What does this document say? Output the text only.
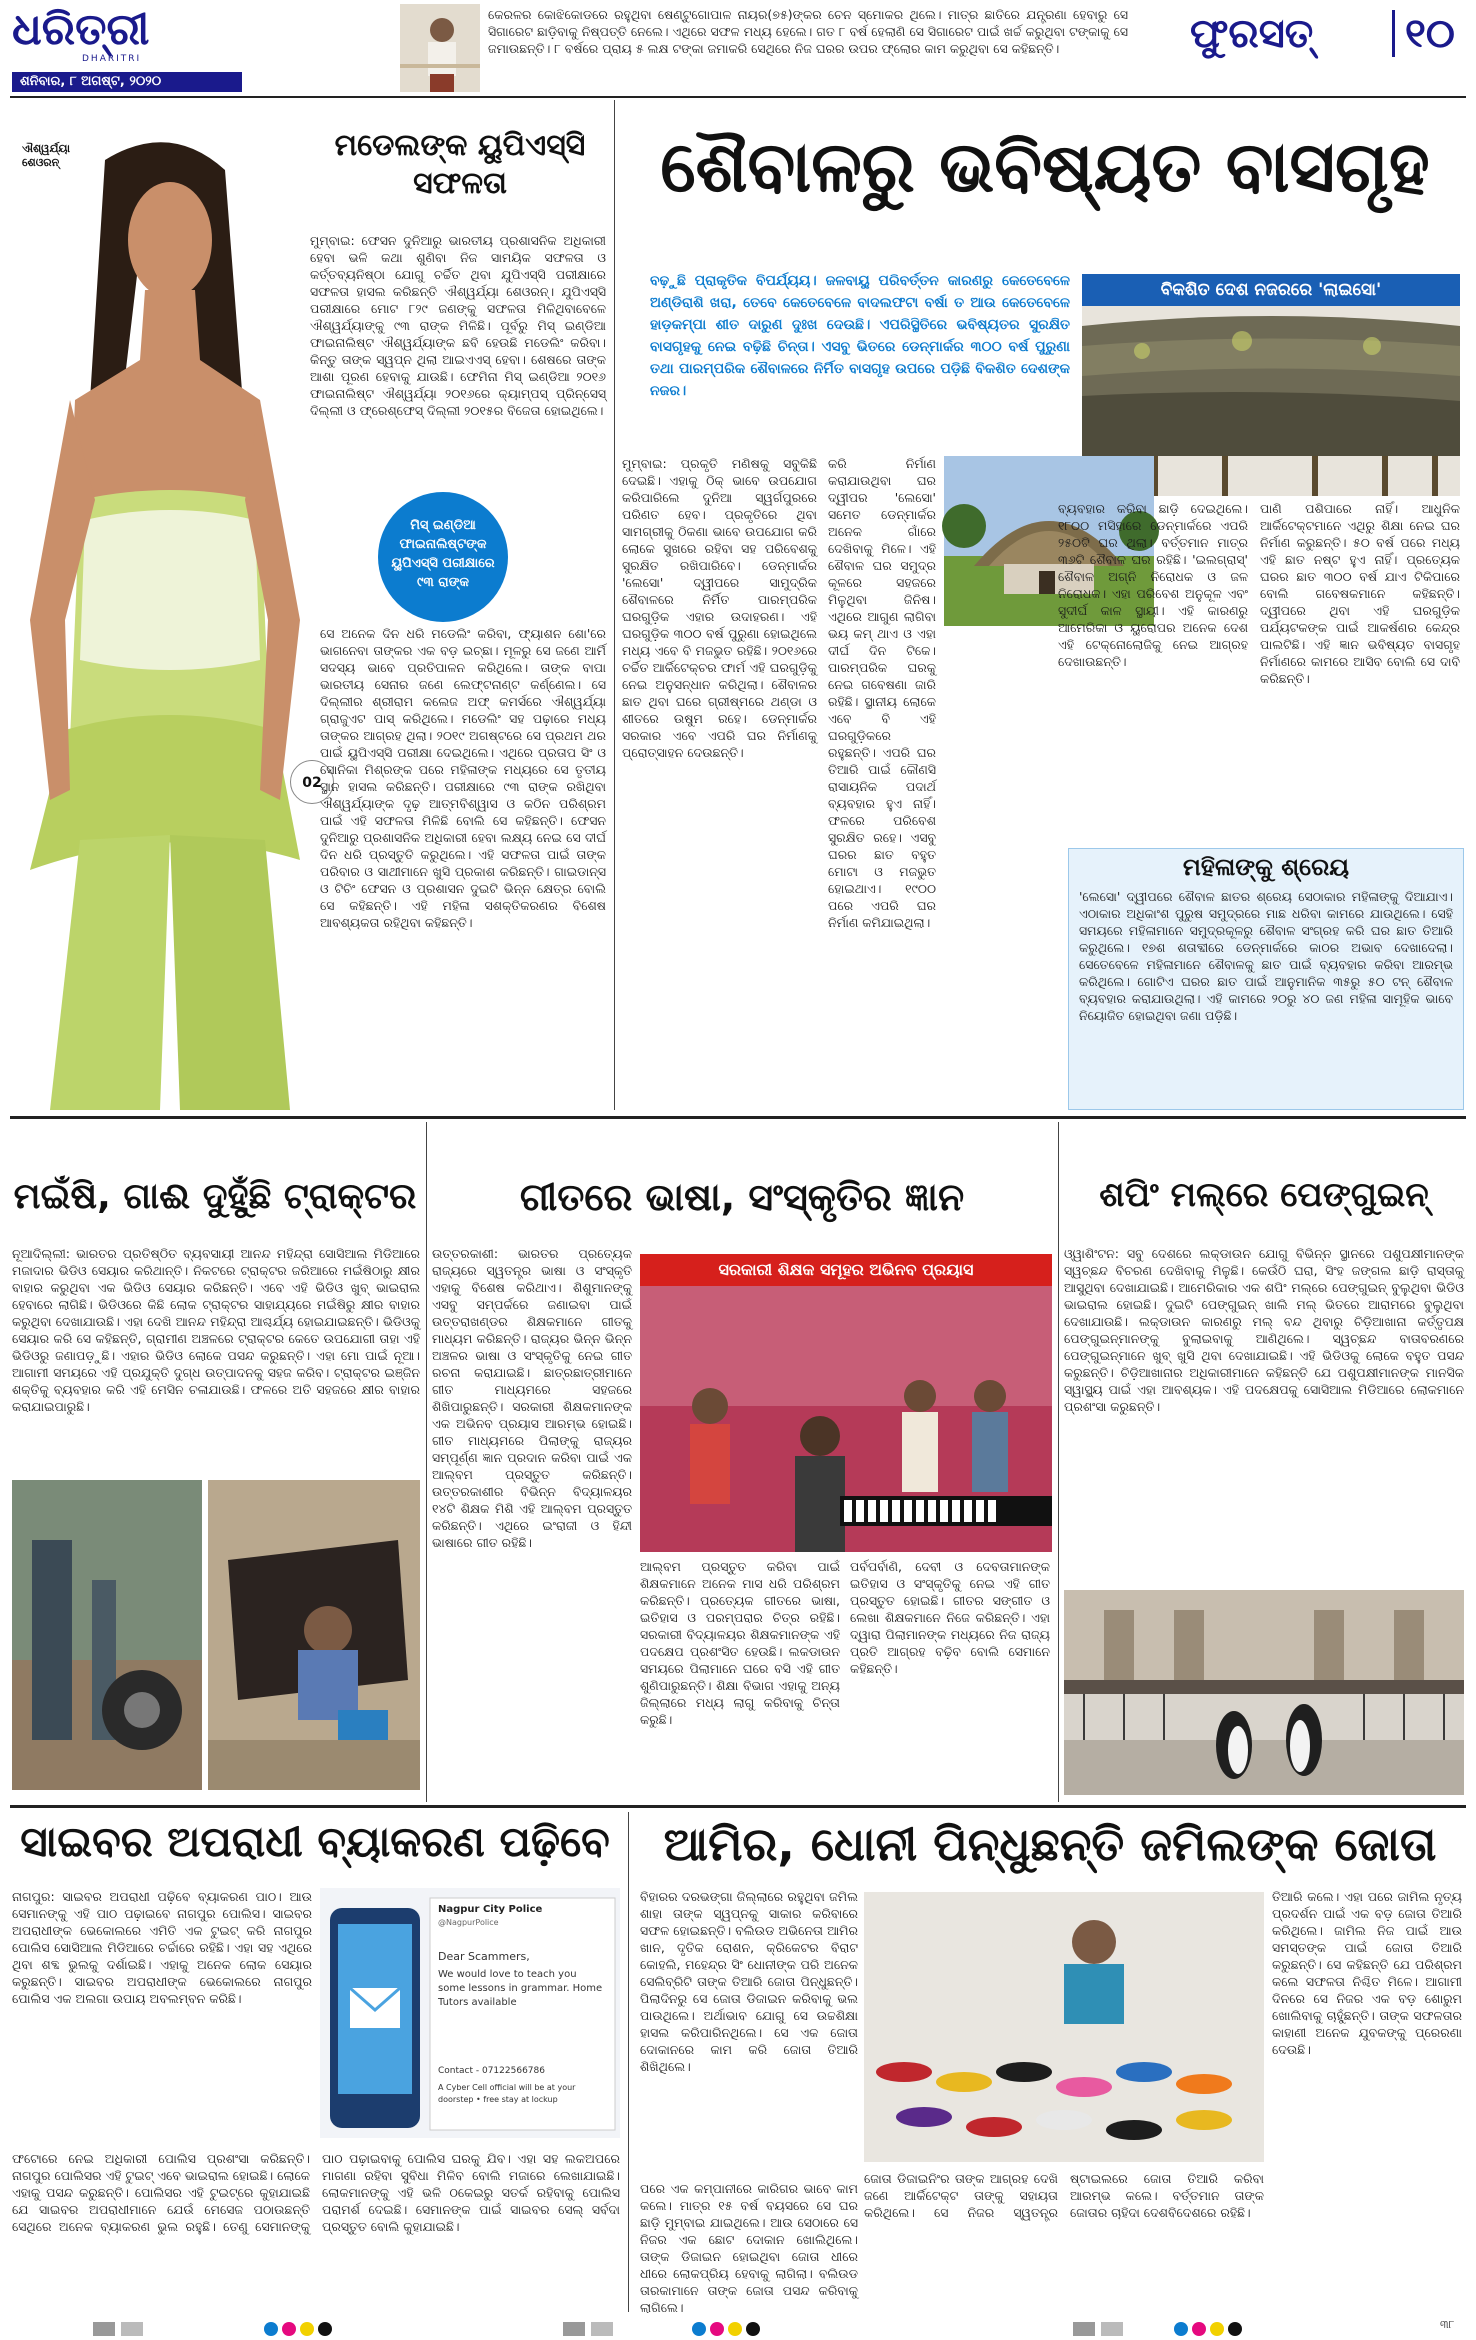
ଧରିତ୍ରୀ
DHARITRI
ଶନିବାର, ୮ ଅଗଷ୍ଟ, ୨୦୨୦
କେରଳର କୋଝିକୋଡରେ ରହୁଥିବା ଷେଣ୍ଟୁଗୋପାଳ ନାୟର(୭୫)ଙ୍କର ଚେନ ସ୍ମୋକର ଥିଲେ। ମାତ୍ର ଛାତିରେ ଯନ୍ତ୍ରଣା ହେବାରୁ ସେ ସିଗାରେଟ ଛାଡ଼ିବାକୁ ନିଷ୍ପତ୍ତି ନେଲେ। ଏଥିରେ ସଫଳ ମଧ୍ୟ ହେଲେ। ଗତ ୮ ବର୍ଷ ହେଲାଣି ସେ ସିଗାରେଟ ପାଇଁ ଖର୍ଚ୍ଚ କରୁଥିବା ଟଙ୍କାକୁ ସେ ଜମାଉଛନ୍ତି। ୮ ବର୍ଷରେ ପ୍ରାୟ ୫ ଲକ୍ଷ ଟଙ୍କା ଜମାକରି ସେଥିରେ ନିଜ ଘରର ଉପର ଫ୍ଲୋର କାମ କରୁଥିବା ସେ କହିଛନ୍ତି।	ଫୁରସତ୍	୧୦
02
ଐଶ୍ୱର୍ଯ୍ୟା ଶେଓରନ୍	ମଡେଲଙ୍କ ୟୁପିଏସ୍‌ସି
ସଫଳତା
ମୁମ୍ବାଇ: ଫେସନ ଦୁନିଆରୁ ଭାରତୀୟ ପ୍ରଶାସନିକ ଅଧିକାରୀ ହେବା ଭଳି କଥା ଶୁଣିବା ନିଜ ସାମୟିକ ସଫଳତା ଓ କର୍ତ୍ତବ୍ୟନିଷ୍ଠା ଯୋଗୁ ଚର୍ଚ୍ଚିତ ଥିବା ଯୁପିଏସ୍‌ସି ପରୀକ୍ଷାରେ ସଫଳତା ହାସଲ କରିଛନ୍ତି ଐଶ୍ୱର୍ଯ୍ୟା ଶେଓରନ୍। ଯୁପିଏସ୍‌ସି ପରୀକ୍ଷାରେ ମୋଟ ୮୨୯ ଜଣଙ୍କୁ ସଫଳତା ମିଳିଥିବାବେଳେ ଐଶ୍ୱର୍ଯ୍ୟାଙ୍କୁ ୯୩ ରାଙ୍କ ମିଳିଛି। ପୂର୍ବରୁ ମିସ୍ ଇଣ୍ଡିଆ ଫାଇନାଲିଷ୍ଟ ଐଶ୍ୱର୍ଯ୍ୟାଙ୍କ ଛବି ହେଉଛି ମଡେଲିଂ କରିବା। କିନ୍ତୁ ତାଙ୍କ ସ୍ୱପ୍ନ ଥିଲା ଆଇଏଏସ୍ ହେବା। ଶେଷରେ ତାଙ୍କ ଆଶା ପୂରଣ ହେବାକୁ ଯାଉଛି। ଫେମିନା ମିସ୍ ଇଣ୍ଡିଆ ୨୦୧୬ ଫାଇନାଲିଷ୍ଟ ଐଶ୍ୱର୍ଯ୍ୟା ୨୦୧୬ରେ କ୍ୟାମ୍ପସ୍ ପ୍ରିନ୍ସେସ୍ ଦିଲ୍ଲୀ ଓ ଫ୍ରେଶ୍‌ଫେସ୍ ଦିଲ୍ଲୀ ୨୦୧୫ର ବିଜେତା ହୋଇଥିଲେ।
ମିସ୍ ଇଣ୍ଡିଆ ଫାଇନାଲିଷ୍ଟଙ୍କ ୟୁପିଏସ୍‌ସି ପରୀକ୍ଷାରେ ୯୩ ରାଙ୍କ
ସେ ଅନେକ ଦିନ ଧରି ମଡେଲିଂ କରିବା, ଫ୍ୟାଶନ ଶୋ'ରେ ଭାଗନେବା ତାଙ୍କର ଏକ ବଡ଼ ଇଚ୍ଛା। ମୂଳରୁ ସେ ଜଣେ ଆର୍ମି ସଦସ୍ୟ ଭାବେ ପ୍ରତିପାଳନ କରିଥିଲେ। ତାଙ୍କ ବାପା ଭାରତୀୟ ସେନାର ଜଣେ ଲେଫ୍ଟନାଣ୍ଟ କର୍ଣ୍ଣେଲ। ସେ ଦିଲ୍ଲୀର ଶ୍ରୀରାମ କଲେଜ ଅଫ୍ କମର୍ସରେ ଐଶ୍ୱର୍ଯ୍ୟା ଗ୍ରାଜୁଏଟ ପାସ୍ କରିଥିଲେ। ମଡେଲିଂ ସହ ପଢ଼ାରେ ମଧ୍ୟ ତାଙ୍କର ଆଗ୍ରହ ଥିଲା। ୨୦୧୯ ଅଗଷ୍ଟରେ ସେ ପ୍ରଥମ ଥର ପାଇଁ ୟୁପିଏସ୍‌ସି ପରୀକ୍ଷା ଦେଇଥିଲେ। ଏଥିରେ ପ୍ରତାପ ସିଂ ଓ ସୋନିକା ମିଶ୍ରଙ୍କ ପରେ ମହିଳାଙ୍କ ମଧ୍ୟରେ ସେ ତୃତୀୟ ସ୍ଥାନ ହାସଲ କରିଛନ୍ତି। ପରୀକ୍ଷାରେ ୯୩ ରାଙ୍କ ରଖିଥିବା ଐଶ୍ୱର୍ଯ୍ୟାଙ୍କ ଦୃଢ଼ ଆତ୍ମବିଶ୍ୱାସ ଓ କଠିନ ପରିଶ୍ରମ ପାଇଁ ଏହି ସଫଳତା ମିଳିଛି ବୋଲି ସେ କହିଛନ୍ତି। ଫେସନ ଦୁନିଆରୁ ପ୍ରଶାସନିକ ଅଧିକାରୀ ହେବା ଲକ୍ଷ୍ୟ ନେଇ ସେ ଦୀର୍ଘ ଦିନ ଧରି ପ୍ରସ୍ତୁତି କରୁଥିଲେ। ଏହି ସଫଳତା ପାଇଁ ତାଙ୍କ ପରିବାର ଓ ସାଥୀମାନେ ଖୁସି ପ୍ରକାଶ କରିଛନ୍ତି। ଗାଇଡାନ୍ସ ଓ ଟିଚିଂ ଫେସନ ଓ ପ୍ରଶାସନ ଦୁଇଟି ଭିନ୍ନ କ୍ଷେତ୍ର ବୋଲି ସେ କହିଛନ୍ତି। ଏହି ମହିଳା ସଶକ୍ତିକରଣର ବିଶେଷ ଆବଶ୍ୟକତା ରହିଥିବା କହିଛନ୍ତି।
ଶୈବାଳରୁ ଭବିଷ୍ୟତ ବାସଗୃହ
ବଢ଼ୁଛି ପ୍ରାକୃତିକ ବିପର୍ଯ୍ୟୟ। ଜଳବାୟୁ ପରିବର୍ତ୍ତନ କାରଣରୁ କେତେବେଳେ ଅଣ୍ଡିରାଶି ଖରା, ତେବେ କେତେବେଳେ ବାଦଲଫଟା ବର୍ଷା ତ ଆଉ କେତେବେଳେ ହାଡ଼କମ୍ପା ଶୀତ ଦାରୁଣ ଦୁଃଖ ଦେଉଛି। ଏପରିସ୍ଥିତିରେ ଭବିଷ୍ୟତର ସୁରକ୍ଷିତ ବାସଗୃହକୁ ନେଇ ବଢ଼ିଛି ଚିନ୍ତା। ଏସବୁ ଭିତରେ ଡେନ୍‌ମାର୍କର ୩୦୦ ବର୍ଷ ପୁରୁଣା ତଥା ପାରମ୍ପରିକ ଶୈବାଳରେ ନିର୍ମିତ ବାସଗୃହ ଉପରେ ପଡ଼ିଛି ବିକଶିତ ଦେଶଙ୍କ ନଜର।
ବିକଶିତ ଦେଶ ନଜରରେ 'ଲାଇସୋ'
ମୁମ୍ବାଇ: ପ୍ରକୃତି ମଣିଷକୁ ସବୁକିଛି ଦେଇଛି। ଏହାକୁ ଠିକ୍ ଭାବେ ଉପଯୋଗ କରିପାରିଲେ ଦୁନିଆ ସ୍ୱର୍ଗପୁରରେ ପରିଣତ ହେବ। ପ୍ରକୃତିରେ ଥିବା ସାମଗ୍ରୀକୁ ଠିକଣା ଭାବେ ଉପଯୋଗ କରି ଲୋକେ ସୁଖରେ ରହିବା ସହ ପରିବେଶକୁ ସୁରକ୍ଷିତ ରଖିପାରିବେ। ଡେନ୍‌ମାର୍କର 'ଲେସୋ' ଦ୍ୱୀପରେ ସାମୁଦ୍ରିକ ଶୈବାଳରେ ନିର୍ମିତ ପାରମ୍ପରିକ ଘରଗୁଡ଼ିକ ଏହାର ଉଦାହରଣ। ଏହି ଘରଗୁଡ଼ିକ ୩୦୦ ବର୍ଷ ପୁରୁଣା ହୋଇଥିଲେ ମଧ୍ୟ ଏବେ ବି ମଜଭୁତ ରହିଛି। ୨୦୧୬ରେ ଚର୍ଚ୍ଚିତ ଆର୍କିଟେକ୍ଚର ଫାର୍ମ ଏହି ଘରଗୁଡ଼ିକୁ ନେଇ ଅନୁସନ୍ଧାନ କରିଥିଲା। ଶୈବାଳର ଛାତ ଥିବା ଘରେ ଗ୍ରୀଷ୍ମରେ ଥଣ୍ଡା ଓ ଶୀତରେ ଉଷୁମ ରହେ। ଡେନ୍‌ମାର୍କର ସରକାର ଏବେ ଏପରି ଘର ନିର୍ମାଣକୁ ପ୍ରୋତ୍ସାହନ ଦେଉଛନ୍ତି।
କରି ନିର୍ମାଣ କରାଯାଉଥିବା ଘର ଦ୍ୱୀପର 'ଲେସୋ' ସମେତ ଡେନ୍‌ମାର୍କର ଅନେକ ଗାଁରେ ଦେଖିବାକୁ ମିଳେ। ଏହି ଶୈବାଳ ଘର ସମୁଦ୍ର କୂଳରେ ସହଜରେ ମିଳୁଥିବା ଜିନିଷ। ଏଥିରେ ଆଗୁଣ ଲାଗିବା ଭୟ କମ୍ ଥାଏ ଓ ଏହା ଦୀର୍ଘ ଦିନ ଟିକେ। ପାରମ୍ପରିକ ଘରକୁ ନେଇ ଗବେଷଣା ଜାରି ରହିଛି। ସ୍ଥାନୀୟ ଲୋକେ ଏବେ ବି ଏହି ଘରଗୁଡ଼ିକରେ ରହୁଛନ୍ତି। ଏପରି ଘର ତିଆରି ପାଇଁ କୌଣସି ରାସାୟନିକ ପଦାର୍ଥ ବ୍ୟବହାର ହୁଏ ନାହିଁ। ଫଳରେ ପରିବେଶ ସୁରକ୍ଷିତ ରହେ। ଏସବୁ ଘରର ଛାତ ବହୁତ ମୋଟା ଓ ମଜଭୁତ ହୋଇଥାଏ। ୧୯୦୦ ପରେ ଏପରି ଘର ନିର୍ମାଣ କମିଯାଇଥିଲା।
ବ୍ୟବହାର କରିବା ଛାଡ଼ି ଦେଇଥିଲେ। ୧୮୦୦ ମସିହାରେ ଡେନ୍‌ମାର୍କରେ ଏପରି ୨୫୦ଟି ଘର ଥିଲା। ବର୍ତ୍ତମାନ ମାତ୍ର ୩୬ଟି ଶୈବାଳ ଘର ରହିଛି। 'ଇଲଗ୍ରାସ୍' ଶୈବାଳ ଅଗ୍ନି ନିରୋଧକ ଓ ଜଳ ନିରୋଧକ। ଏହା ପରିବେଶ ଅନୁକୂଳ ଏବଂ ସୁଦୀର୍ଘ କାଳ ସ୍ଥାୟୀ। ଏହି କାରଣରୁ ଆମେରିକା ଓ ୟୁରୋପର ଅନେକ ଦେଶ ଏହି ଟେକ୍‌ନୋଲୋଜିକୁ ନେଇ ଆଗ୍ରହ ଦେଖାଉଛନ୍ତି।
ପାଣି ପଶିପାରେ ନାହିଁ। ଆଧୁନିକ ଆର୍କିଟେକ୍ଟମାନେ ଏଥିରୁ ଶିକ୍ଷା ନେଇ ଘର ନିର୍ମାଣ କରୁଛନ୍ତି। ୫୦ ବର୍ଷ ପରେ ମଧ୍ୟ ଏହି ଛାତ ନଷ୍ଟ ହୁଏ ନାହିଁ। ପ୍ରତ୍ୟେକ ଘରର ଛାତ ୩୦୦ ବର୍ଷ ଯାଏ ଟିକିପାରେ ବୋଲି ଗବେଷକମାନେ କହିଛନ୍ତି। ଦ୍ୱୀପରେ ଥିବା ଏହି ଘରଗୁଡ଼ିକ ପର୍ଯ୍ୟଟକଙ୍କ ପାଇଁ ଆକର୍ଷଣର କେନ୍ଦ୍ର ପାଲଟିଛି। ଏହି ଜ୍ଞାନ ଭବିଷ୍ୟତ ବାସଗୃହ ନିର୍ମାଣରେ କାମରେ ଆସିବ ବୋଲି ସେ ଦାବି କରିଛନ୍ତି।
ମହିଳାଙ୍କୁ ଶ୍ରେୟ
'ଲେସୋ' ଦ୍ୱୀପରେ ଶୈବାଳ ଛାତର ଶ୍ରେୟ ସେଠାକାର ମହିଳାଙ୍କୁ ଦିଆଯାଏ। ଏଠାକାର ଅଧିକାଂଶ ପୁରୁଷ ସମୁଦ୍ରରେ ମାଛ ଧରିବା କାମରେ ଯାଉଥିଲେ। ସେହି ସମୟରେ ମହିଳାମାନେ ସମୁଦ୍ରକୂଳରୁ ଶୈବାଳ ସଂଗ୍ରହ କରି ଘର ଛାତ ତିଆରି କରୁଥିଲେ। ୧୭ଶ ଶତାବ୍ଦୀରେ ଡେନ୍‌ମାର୍କରେ କାଠର ଅଭାବ ଦେଖାଦେଲା। ସେତେବେଳେ ମହିଳାମାନେ ଶୈବାଳକୁ ଛାତ ପାଇଁ ବ୍ୟବହାର କରିବା ଆରମ୍ଭ କରିଥିଲେ। ଗୋଟିଏ ଘରର ଛାତ ପାଇଁ ଆନୁମାନିକ ୩୫ରୁ ୫୦ ଟନ୍ ଶୈବାଳ ବ୍ୟବହାର କରାଯାଉଥିଲା। ଏହି କାମରେ ୨୦ରୁ ୪୦ ଜଣ ମହିଳା ସାମୂହିକ ଭାବେ ନିୟୋଜିତ ହୋଇଥିବା ଜଣା ପଡ଼ିଛି।
ମଇଁଷି, ଗାଈ ଦୁହୁଁଛି ଟ୍ରାକ୍ଟର
ନୂଆଦିଲ୍ଲୀ: ଭାରତର ପ୍ରତିଷ୍ଠିତ ବ୍ୟବସାୟୀ ଆନନ୍ଦ ମହିନ୍ଦ୍ରା ସୋସିଆଲ ମିଡିଆରେ ମଜାଦାର ଭିଡିଓ ସେୟାର କରିଥାନ୍ତି। ନିକଟରେ ଟ୍ରାକ୍ଟର ଜରିଆରେ ମଇଁଷିଠାରୁ କ୍ଷୀର ବାହାର କରୁଥିବା ଏକ ଭିଡିଓ ସେୟାର କରିଛନ୍ତି। ଏବେ ଏହି ଭିଡିଓ ଖୁବ୍ ଭାଇରାଲ ହେବାରେ ଲାଗିଛି। ଭିଡିଓରେ କିଛି ଲୋକ ଟ୍ରାକ୍ଟର ସାହାଯ୍ୟରେ ମଇଁଷିରୁ କ୍ଷୀର ବାହାର କରୁଥିବା ଦେଖାଯାଉଛି। ଏହା ଦେଖି ଆନନ୍ଦ ମହିନ୍ଦ୍ରା ଆଶ୍ଚର୍ଯ୍ୟ ହୋଇଯାଇଛନ୍ତି। ଭିଡିଓକୁ ସେୟାର କରି ସେ କହିଛନ୍ତି, ଗ୍ରାମୀଣ ଅଞ୍ଚଳରେ ଟ୍ରାକ୍ଟର କେତେ ଉପଯୋଗୀ ତାହା ଏହି ଭିଡିଓରୁ ଜଣାପଡ଼ୁଛି। ଏହାର ଭିଡିଓ ଲୋକେ ପସନ୍ଦ କରୁଛନ୍ତି। ଏହା ମୋ ପାଇଁ ନୂଆ। ଆଗାମୀ ସମୟରେ ଏହି ପ୍ରଯୁକ୍ତି ଦୁଗ୍ଧ ଉତ୍ପାଦନକୁ ସହଜ କରିବ। ଟ୍ରାକ୍ଟର ଇଞ୍ଜିନ ଶକ୍ତିକୁ ବ୍ୟବହାର କରି ଏହି ମେସିନ ଚଳାଯାଉଛି। ଫଳରେ ଅତି ସହଜରେ କ୍ଷୀର ବାହାର କରାଯାଇପାରୁଛି।
ଗୀତରେ ଭାଷା, ସଂସ୍କୃତିର ଜ୍ଞାନ
ଉତ୍ତରକାଶୀ: ଭାରତର ପ୍ରତ୍ୟେକ ରାଜ୍ୟରେ ସ୍ୱତନ୍ତ୍ର ଭାଷା ଓ ସଂସ୍କୃତି ଏହାକୁ ବିଶେଷ କରିଥାଏ। ଶିଶୁମାନଙ୍କୁ ଏସବୁ ସମ୍ପର୍କରେ ଜଣାଇବା ପାଇଁ ଉତ୍ତରାଖଣ୍ଡର ଶିକ୍ଷକମାନେ ଗୀତକୁ ମାଧ୍ୟମ କରିଛନ୍ତି। ରାଜ୍ୟର ଭିନ୍ନ ଭିନ୍ନ ଅଞ୍ଚଳର ଭାଷା ଓ ସଂସ୍କୃତିକୁ ନେଇ ଗୀତ ରଚନା କରାଯାଇଛି। ଛାତ୍ରଛାତ୍ରୀମାନେ ଗୀତ ମାଧ୍ୟମରେ ସହଜରେ ଶିଖିପାରୁଛନ୍ତି। ସରକାରୀ ଶିକ୍ଷକମାନଙ୍କ ଏକ ଅଭିନବ ପ୍ରୟାସ ଆରମ୍ଭ ହୋଇଛି। ଗୀତ ମାଧ୍ୟମରେ ପିଲାଙ୍କୁ ରାଜ୍ୟର ସମ୍ପୂର୍ଣ୍ଣ ଜ୍ଞାନ ପ୍ରଦାନ କରିବା ପାଇଁ ଏକ ଆଲ୍‌ବମ ପ୍ରସ୍ତୁତ କରିଛନ୍ତି। ଉତ୍ତରକାଶୀର ବିଭିନ୍ନ ବିଦ୍ୟାଳୟର ୧୪ଟି ଶିକ୍ଷକ ମିଶି ଏହି ଆଲ୍‌ବମ ପ୍ରସ୍ତୁତ କରିଛନ୍ତି। ଏଥିରେ ଇଂରାଜୀ ଓ ହିନ୍ଦୀ ଭାଷାରେ ଗୀତ ରହିଛି।
ସରକାରୀ ଶିକ୍ଷକ ସମୂହର ଅଭିନବ ପ୍ରୟାସ
ଆଲ୍‌ବମ ପ୍ରସ୍ତୁତ କରିବା ପାଇଁ ଶିକ୍ଷକମାନେ ଅନେକ ମାସ ଧରି ପରିଶ୍ରମ କରିଛନ୍ତି। ପ୍ରତ୍ୟେକ ଗୀତରେ ଭାଷା, ଇତିହାସ ଓ ପରମ୍ପରାର ଚିତ୍ର ରହିଛି। ସରକାରୀ ବିଦ୍ୟାଳୟର ଶିକ୍ଷକମାନଙ୍କ ଏହି ପଦକ୍ଷେପ ପ୍ରଶଂସିତ ହେଉଛି। ଲକଡାଉନ ସମୟରେ ପିଲାମାନେ ଘରେ ବସି ଏହି ଗୀତ ଶୁଣିପାରୁଛନ୍ତି। ଶିକ୍ଷା ବିଭାଗ ଏହାକୁ ଅନ୍ୟ ଜିଲ୍ଲାରେ ମଧ୍ୟ ଲାଗୁ କରିବାକୁ ଚିନ୍ତା କରୁଛି।
ପର୍ବପର୍ବାଣି, ଦେବୀ ଓ ଦେବତାମାନଙ୍କ ଇତିହାସ ଓ ସଂସ୍କୃତିକୁ ନେଇ ଏହି ଗୀତ ପ୍ରସ୍ତୁତ ହୋଇଛି। ଗୀତର ସଙ୍ଗୀତ ଓ ଲେଖା ଶିକ୍ଷକମାନେ ନିଜେ କରିଛନ୍ତି। ଏହା ଦ୍ୱାରା ପିଲାମାନଙ୍କ ମଧ୍ୟରେ ନିଜ ରାଜ୍ୟ ପ୍ରତି ଆଗ୍ରହ ବଢ଼ିବ ବୋଲି ସେମାନେ କହିଛନ୍ତି।
ଶପିଂ ମଲ୍‌ରେ ପେଙ୍ଗୁଇନ୍
ଓ୍ୱାଶିଂଟନ: ସବୁ ଦେଶରେ ଲକ୍‌ଡାଉନ ଯୋଗୁ ବିଭିନ୍ନ ସ୍ଥାନରେ ପଶୁପକ୍ଷୀମାନଙ୍କ ସ୍ୱଚ୍ଛନ୍ଦ ବିଚରଣ ଦେଖିବାକୁ ମିଳୁଛି। କେଉଁଠି ଘରା, ସିଂହ ଜଙ୍ଗଲ ଛାଡ଼ି ରାସ୍ତାକୁ ଆସୁଥିବା ଦେଖାଯାଇଛି। ଆମେରିକାର ଏକ ଶପିଂ ମଲ୍‌ରେ ପେଙ୍ଗୁଇନ୍ ବୁଲୁଥିବା ଭିଡିଓ ଭାଇରାଲ ହୋଇଛି। ଦୁଇଟି ପେଙ୍ଗୁଇନ୍ ଖାଲି ମଲ୍ ଭିତରେ ଆରାମରେ ବୁଲୁଥିବା ଦେଖାଯାଉଛି। ଲକ୍‌ଡାଉନ କାରଣରୁ ମଲ୍ ବନ୍ଦ ଥିବାରୁ ଚିଡ଼ିଆଖାନା କର୍ତ୍ତୃପକ୍ଷ ପେଙ୍ଗୁଇନ୍‌ମାନଙ୍କୁ ବୁଲାଇବାକୁ ଆଣିଥିଲେ। ସ୍ୱଚ୍ଛନ୍ଦ ବାତାବରଣରେ ପେଙ୍ଗୁଇନ୍‌ମାନେ ଖୁବ୍ ଖୁସି ଥିବା ଦେଖାଯାଇଛି। ଏହି ଭିଡିଓକୁ ଲୋକେ ବହୁତ ପସନ୍ଦ କରୁଛନ୍ତି। ଚିଡ଼ିଆଖାନାର ଅଧିକାରୀମାନେ କହିଛନ୍ତି ଯେ ପଶୁପକ୍ଷୀମାନଙ୍କ ମାନସିକ ସ୍ୱାସ୍ଥ୍ୟ ପାଇଁ ଏହା ଆବଶ୍ୟକ। ଏହି ପଦକ୍ଷେପକୁ ସୋସିଆଲ ମିଡିଆରେ ଲୋକମାନେ ପ୍ରଶଂସା କରୁଛନ୍ତି।
ସାଇବର ଅପରାଧୀ ବ୍ୟାକରଣ ପଢ଼ିବେ
ନାଗପୁର: ସାଇବର ଅପରାଧୀ ପଢ଼ିବେ ବ୍ୟାକରଣ ପାଠ। ଆଉ ସେମାନଙ୍କୁ ଏହି ପାଠ ପଢ଼ାଇବେ ନାଗପୁର ପୋଲିସ। ସାଇବର ଅପରାଧୀଙ୍କ ଭେକୋଲରେ ଏମିତି ଏକ ଟୁଇଟ୍ କରି ନାଗପୁର ପୋଲିସ ସୋସିଆଲ ମିଡିଆରେ ଚର୍ଚ୍ଚାରେ ରହିଛି। ଏହା ସହ ଏଥିରେ ଥିବା ଶବ୍ଦ ଭୁଲକୁ ଦର୍ଶାଇଛି। ଏହାକୁ ଅନେକ ଲୋକ ସେୟାର କରୁଛନ୍ତି। ସାଇବର ଅପରାଧୀଙ୍କ ଭେକୋଲରେ ନାଗପୁର ପୋଲିସ ଏକ ଅଲଗା ଉପାୟ ଅବଲମ୍ବନ କରିଛି।
Nagpur City Police
@NagpurPolice
Dear Scammers,
We would love to teach you some lessons in grammar. Home Tutors available
Contact - 07122566786
A Cyber Cell official will be at your doorstep • free stay at lockup
ଫଟୋରେ ନେଇ ଅଧିକାରୀ ପୋଲିସ ପ୍ରଶଂସା କରିଛନ୍ତି। ନାଗପୁର ପୋଲିସର ଏହି ଟୁଇଟ୍ ଏବେ ଭାଇରାଲ ହୋଇଛି। ଲୋକେ ଏହାକୁ ପସନ୍ଦ କରୁଛନ୍ତି। ପୋଲିସର ଏହି ଟୁଇଟ୍‌ରେ କୁହାଯାଇଛି ଯେ ସାଇବର ଅପରାଧୀମାନେ ଯେଉଁ ମେସେଜ ପଠାଉଛନ୍ତି ସେଥିରେ ଅନେକ ବ୍ୟାକରଣ ଭୁଲ ରହୁଛି। ତେଣୁ ସେମାନଙ୍କୁ ପାଠ ପଢ଼ାଇବାକୁ ପୋଲିସ ଘରକୁ ଯିବ। ଏହା ସହ ଲକଅପରେ ମାଗଣା ରହିବା ସୁବିଧା ମିଳିବ ବୋଲି ମଜାରେ ଲେଖାଯାଇଛି। ଲୋକମାନଙ୍କୁ ଏହି ଭଳି ଠକେଇରୁ ସତର୍କ ରହିବାକୁ ପୋଲିସ ପରାମର୍ଶ ଦେଇଛି। ସେମାନଙ୍କ ପାଇଁ ସାଇବର ସେଲ୍ ସର୍ବଦା ପ୍ରସ୍ତୁତ ବୋଲି କୁହାଯାଇଛି।
ଆମିର, ଧୋନୀ ପିନ୍ଧୁଛନ୍ତି ଜମିଲଙ୍କ ଜୋତା
ବିହାରର ଦରଭଙ୍ଗା ଜିଲ୍ଲାରେ ରହୁଥିବା ଜମିଲ ଶାହା ତାଙ୍କ ସ୍ୱପ୍ନକୁ ସାକାର କରିବାରେ ସଫଳ ହୋଇଛନ୍ତି। ବଲିଉଡ ଅଭିନେତା ଆମିର ଖାନ, ଦୃତିକ ରୋଶନ, କ୍ରିକେଟର ବିରାଟ କୋହଲି, ମହେନ୍ଦ୍ର ସିଂ ଧୋନୀଙ୍କ ପରି ଅନେକ ସେଲିବ୍ରିଟି ତାଙ୍କ ତିଆରି ଜୋତା ପିନ୍ଧୁଛନ୍ତି। ପିଲାଦିନରୁ ସେ ଜୋତା ଡିଜାଇନ କରିବାକୁ ଭଲ ପାଉଥିଲେ। ଅର୍ଥାଭାବ ଯୋଗୁ ସେ ଉଚ୍ଚଶିକ୍ଷା ହାସଲ କରିପାରିନଥିଲେ। ସେ ଏକ ଜୋତା ଦୋକାନରେ କାମ କରି ଜୋତା ତିଆରି ଶିଖିଥିଲେ।
ତିଆରି କଲେ। ଏହା ପରେ ଜାମିଲ ନୃତ୍ୟ ପ୍ରଦର୍ଶନ ପାଇଁ ଏକ ବଡ଼ ଜୋତା ତିଆରି କରିଥିଲେ। ଜାମିଲ ନିଜ ପାଇଁ ଆଉ ସମସ୍ତଙ୍କ ପାଇଁ ଜୋତା ତିଆରି କରୁଛନ୍ତି। ସେ କହିଛନ୍ତି ଯେ ପରିଶ୍ରମ କଲେ ସଫଳତା ନିଶ୍ଚିତ ମିଳେ। ଆଗାମୀ ଦିନରେ ସେ ନିଜର ଏକ ବଡ଼ ଶୋରୁମ ଖୋଲିବାକୁ ଚାହୁଁଛନ୍ତି। ତାଙ୍କ ସଫଳତାର କାହାଣୀ ଅନେକ ଯୁବକଙ୍କୁ ପ୍ରେରଣା ଦେଉଛି।
ପରେ ଏକ କମ୍ପାନୀରେ କାରିଗର ଭାବେ କାମ କଲେ। ମାତ୍ର ୧୫ ବର୍ଷ ବୟସରେ ସେ ଘର ଛାଡ଼ି ମୁମ୍ବାଇ ଯାଇଥିଲେ। ଆଉ ସେଠାରେ ସେ ନିଜର ଏକ ଛୋଟ ଦୋକାନ ଖୋଲିଥିଲେ। ତାଙ୍କ ଡିଜାଇନ ହୋଇଥିବା ଜୋତା ଧୀରେ ଧୀରେ ଲୋକପ୍ରିୟ ହେବାକୁ ଲାଗିଲା। ବଲିଉଡ ତାରକାମାନେ ତାଙ୍କ ଜୋତା ପସନ୍ଦ କରିବାକୁ ଲାଗିଲେ।
ଜୋତା ଡିଜାଇନିଂର ତାଙ୍କ ଆଗ୍ରହ ଦେଖି ଜଣେ ଆର୍କିଟେକ୍ଟ ତାଙ୍କୁ ସହାୟତା କରିଥିଲେ। ସେ ନିଜର ସ୍ୱତନ୍ତ୍ର ଷ୍ଟାଇଲରେ ଜୋତା ତିଆରି କରିବା ଆରମ୍ଭ କଲେ। ବର୍ତ୍ତମାନ ତାଙ୍କ ଜୋତାର ଚାହିଦା ଦେଶବିଦେଶରେ ରହିଛି।
୩୮
